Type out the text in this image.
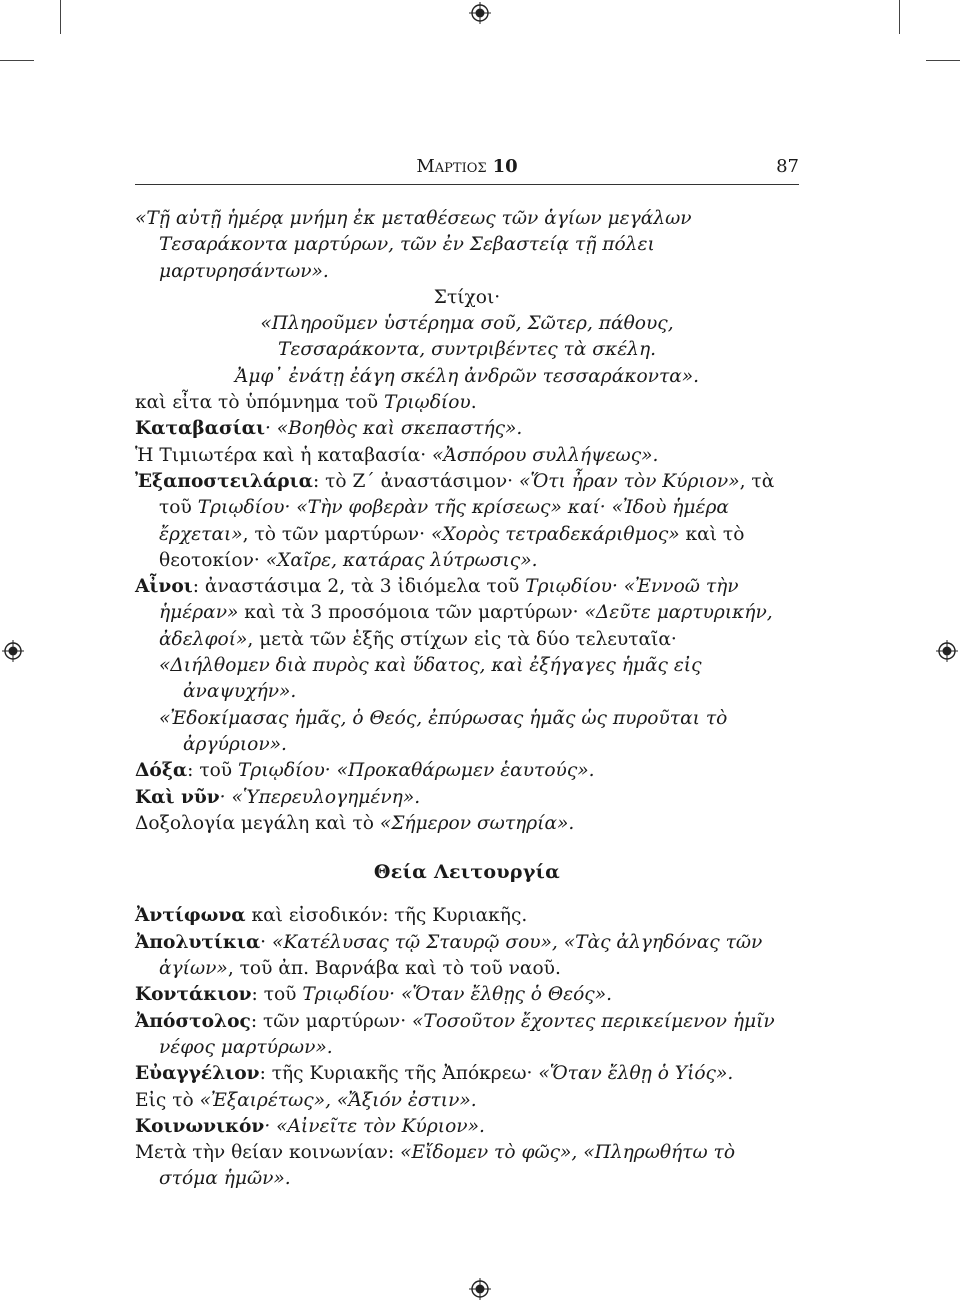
Μαρτιος 10	87

«Τῇ αὐτῇ ἡμέρᾳ μνήμη ἐκ μεταθέσεως τῶν ἁγίων μεγάλων Τεσαράκοντα μαρτύρων, τῶν ἐν Σεβαστείᾳ τῇ πόλει μαρτυρησάντων».

Στίχοι·

«Πληροῦμεν ὑστέρημα σοῦ, Σῶτερ, πάθους,

Τεσσαράκοντα, συντριβέντες τὰ σκέλη.

Ἀμφ᾿ ἐνάτῃ ἐάγη σκέλη ἀνδρῶν τεσσαράκοντα».

καὶ εἶτα τὸ ὑπόμνημα τοῦ Τριῳδίου.

Καταβασίαι· «Βοηθὸς καὶ σκεπαστής».

Ἡ Τιμιωτέρα καὶ ἡ καταβασία· «Ἀσπόρου συλλήψεως».

Ἐξαποστειλάρια: τὸ Ζ΄ ἀναστάσιμον· «Ὅτι ἦραν τὸν Κύριον», τὰ τοῦ Τριῳδίου· «Τὴν φοβερὰν τῆς κρίσεως» καί· «Ἰδοὺ ἡμέρα ἔρχεται», τὸ τῶν μαρτύρων· «Χορὸς τετραδεκάριθμος» καὶ τὸ θεοτοκίον· «Χαῖρε, κατάρας λύτρωσις».

Αἶνοι: ἀναστάσιμα 2, τὰ 3 ἰδιόμελα τοῦ Τριῳδίου· «Ἐννοῶ τὴν ἡμέραν» καὶ τὰ 3 προσόμοια τῶν μαρτύρων· «Δεῦτε μαρτυρικήν, ἀδελφοί», μετὰ τῶν ἑξῆς στίχων εἰς τὰ δύο τελευταῖα·

«Διήλθομεν διὰ πυρὸς καὶ ὕδατος, καὶ ἐξήγαγες ἡμᾶς εἰς ἀναψυχήν».

«Ἐδοκίμασας ἡμᾶς, ὁ Θεός, ἐπύρωσας ἡμᾶς ὡς πυροῦται τὸ ἀργύριον».

Δόξα: τοῦ Τριῳδίου· «Προκαθάρωμεν ἑαυτούς».

Καὶ νῦν· «Ὑπερευλογημένη».

Δοξολογία μεγάλη καὶ τὸ «Σήμερον σωτηρία».

Θεία Λειτουργία

Ἀντίφωνα καὶ εἰσοδικόν: τῆς Κυριακῆς.

Ἀπολυτίκια· «Κατέλυσας τῷ Σταυρῷ σου», «Τὰς ἀλγηδόνας τῶν ἁγίων», τοῦ ἀπ. Βαρνάβα καὶ τὸ τοῦ ναοῦ.

Κοντάκιον: τοῦ Τριῳδίου· «Ὅταν ἔλθῃς ὁ Θεός».

Ἀπόστολος: τῶν μαρτύρων· «Τοσοῦτον ἔχοντες περικείμενον ἡμῖν νέφος μαρτύρων».

Εὐαγγέλιον: τῆς Κυριακῆς τῆς Ἀπόκρεω· «Ὅταν ἔλθῃ ὁ Υἱός».

Εἰς τὸ «Ἐξαιρέτως», «Ἄξιόν ἐστιν».

Κοινωνικόν· «Αἰνεῖτε τὸν Κύριον».

Μετὰ τὴν θείαν κοινωνίαν: «Εἴδομεν τὸ φῶς», «Πληρωθήτω τὸ στόμα ἡμῶν».
